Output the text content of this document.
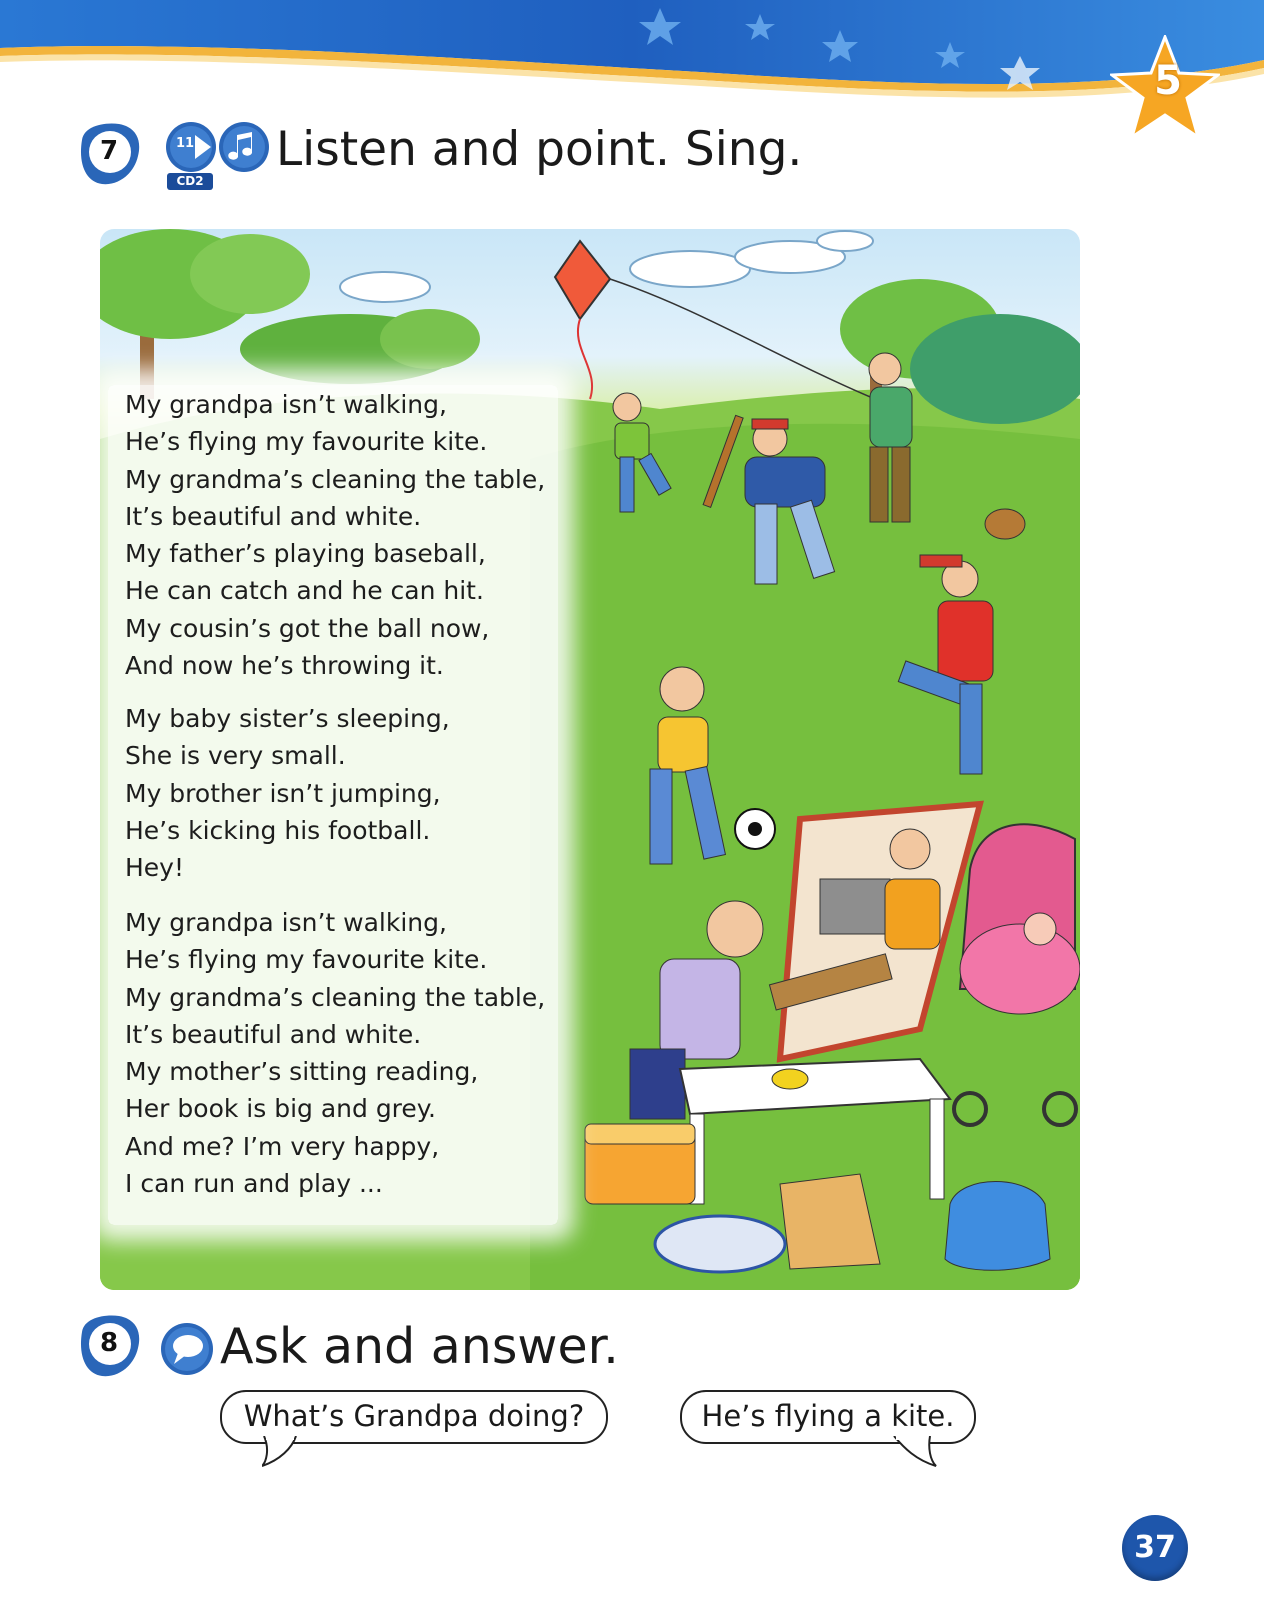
5
7	11
CD2
Listen and point. Sing.

My grandpa isn’t walking,

He’s flying my favourite kite.

My grandma’s cleaning the table,

It’s beautiful and white.

My father’s playing baseball,

He can catch and he can hit.

My cousin’s got the ball now,

And now he’s throwing it.

My baby sister’s sleeping,

She is very small.

My brother isn’t jumping,

He’s kicking his football.

Hey!

My grandpa isn’t walking,

He’s flying my favourite kite.

My grandma’s cleaning the table,

It’s beautiful and white.

My mother’s sitting reading,

Her book is big and grey.

And me? I’m very happy,

I can run and play ...

8	Ask and answer.
What’s Grandpa doing?	He’s flying a kite.
37
